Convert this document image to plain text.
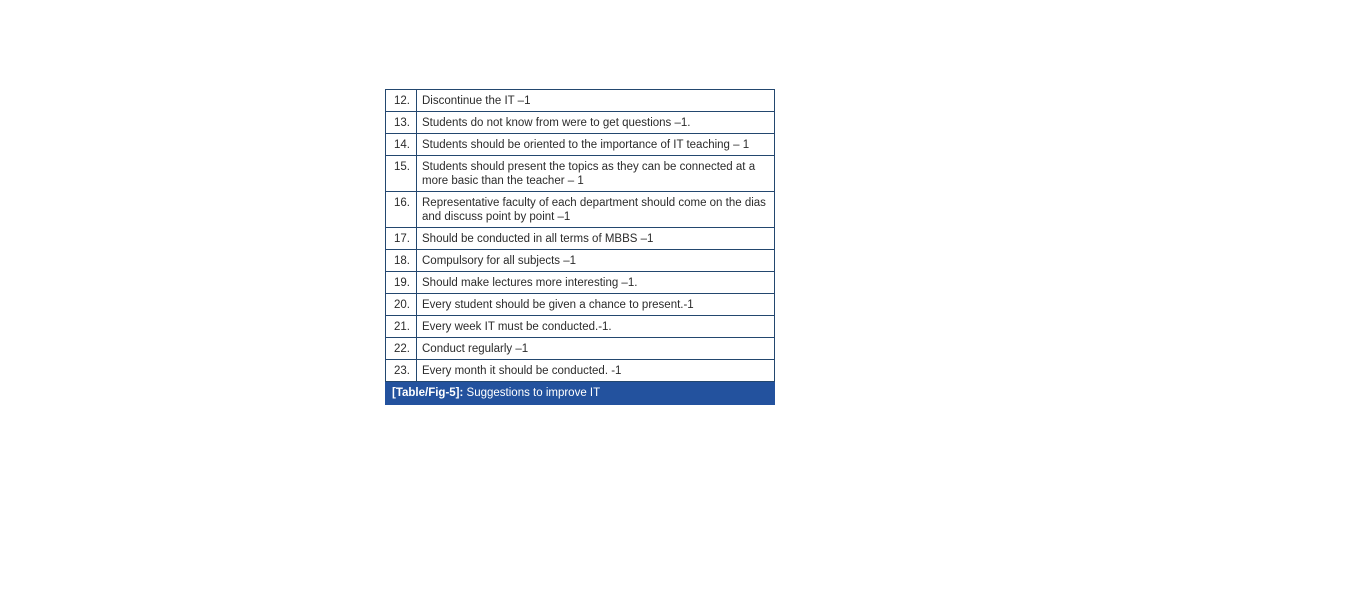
12.	Discontinue the IT –1
13.	Students do not know from were to get questions –1.
14.	Students should be oriented to the importance of IT teaching – 1
15.	Students should present the topics as they can be connected at a more basic than the teacher – 1
16.	Representative faculty of each department should come on the dias and discuss point by point –1
17.	Should be conducted in all terms of MBBS –1
18.	Compulsory for all subjects –1
19.	Should make lectures more interesting –1.
20.	Every student should be given a chance to present.-1
21.	Every week IT must be conducted.-1.
22.	Conduct regularly –1
23.	Every month it should be conducted. -1
[Table/Fig-5]: Suggestions to improve IT
